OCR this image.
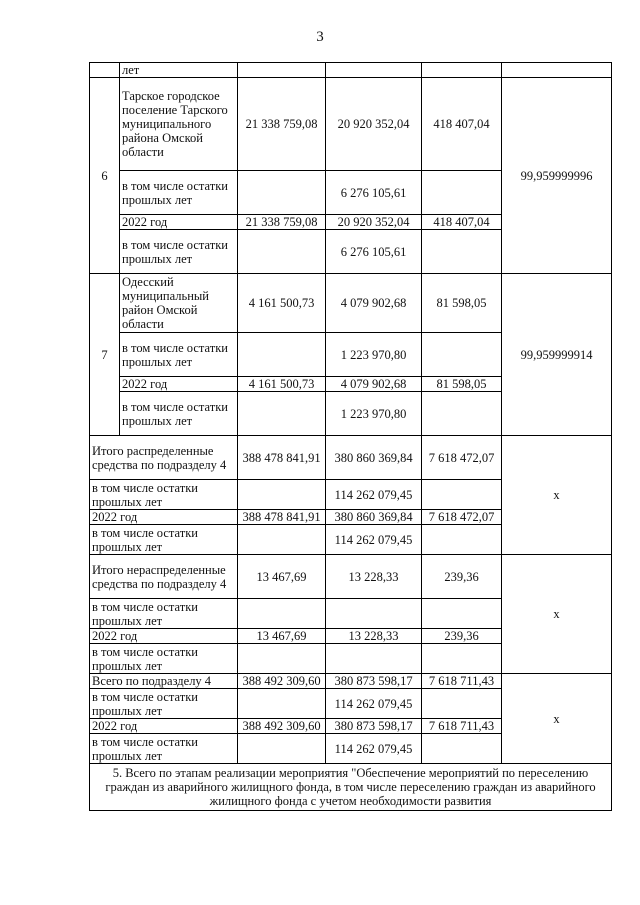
3
	лет				
6	Тарское городское поселение Тарского муниципального района Омской области	21 338 759,08	20 920 352,04	418 407,04	99,959999996
	в том числе остатки прошлых лет		6 276 105,61		
	2022 год	21 338 759,08	20 920 352,04	418 407,04	
	в том числе остатки прошлых лет		6 276 105,61		
7	Одесский муниципальный район Омской области	4 161 500,73	4 079 902,68	81 598,05	99,959999914
	в том числе остатки прошлых лет		1 223 970,80		
	2022 год	4 161 500,73	4 079 902,68	81 598,05	
	в том числе остатки прошлых лет		1 223 970,80		
Итого распределенные средства по подразделу 4		388 478 841,91	380 860 369,84	7 618 472,07	х
в том числе остатки прошлых лет			114 262 079,45		
2022 год		388 478 841,91	380 860 369,84	7 618 472,07	
в том числе остатки прошлых лет			114 262 079,45		
Итого нераспределенные средства по подразделу 4		13 467,69	13 228,33	239,36	х
в том числе остатки прошлых лет					
2022 год		13 467,69	13 228,33	239,36	
в том числе остатки прошлых лет					
Всего по подразделу 4		388 492 309,60	380 873 598,17	7 618 711,43	х
в том числе остатки прошлых лет			114 262 079,45		
2022 год		388 492 309,60	380 873 598,17	7 618 711,43	
в том числе остатки прошлых лет			114 262 079,45		
5. Всего по этапам реализации мероприятия "Обеспечение мероприятий по переселению граждан из аварийного жилищного фонда, в том числе переселению граждан из аварийного жилищного фонда с учетом необходимости развития					
